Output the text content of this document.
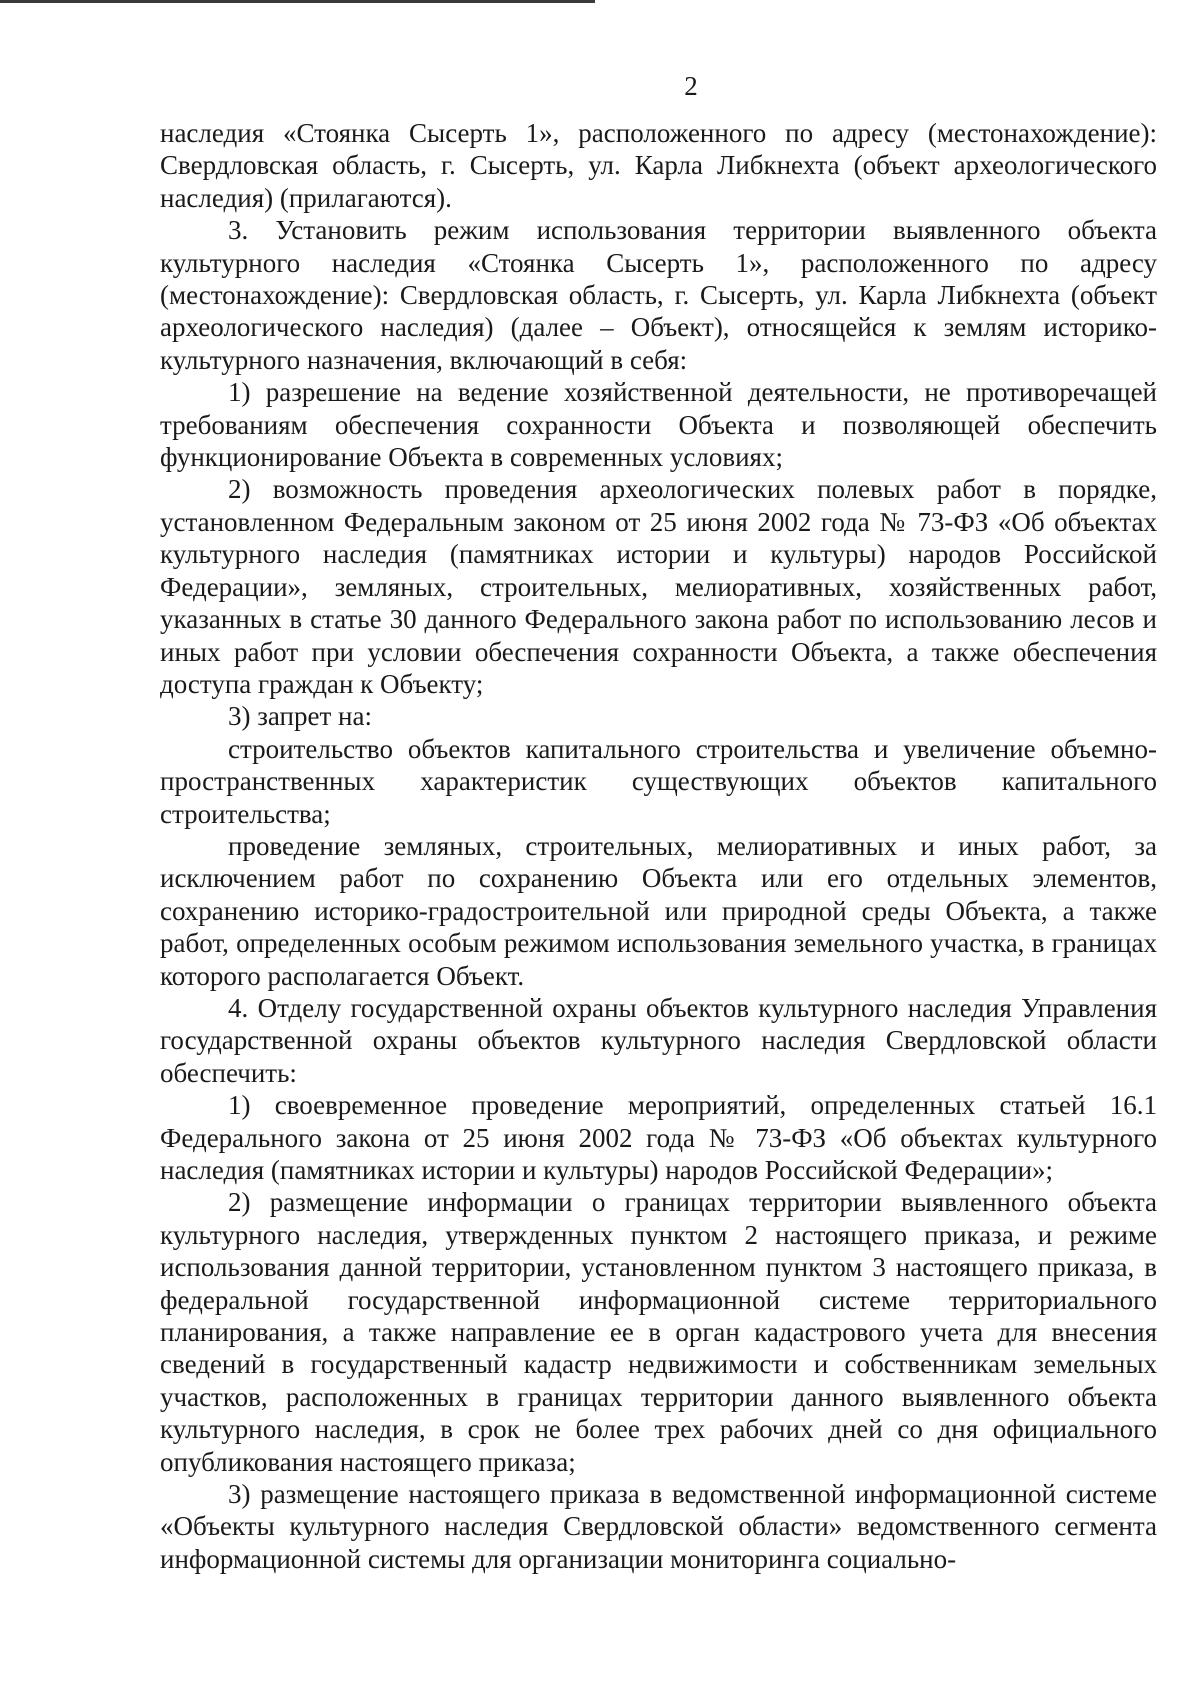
2

наследия «Стоянка Сысерть 1», расположенного по адресу (местонахождение): Свердловская область, г. Сысерть, ул. Карла Либкнехта (объект археологического наследия) (прилагаются).

3. Установить режим использования территории выявленного объекта культурного наследия «Стоянка Сысерть 1», расположенного по адресу (местонахождение): Свердловская область, г. Сысерть, ул. Карла Либкнехта (объект археологического наследия) (далее – Объект), относящейся к землям историко-культурного назначения, включающий в себя:

1) разрешение на ведение хозяйственной деятельности, не противоречащей требованиям обеспечения сохранности Объекта и позволяющей обеспечить функционирование Объекта в современных условиях;

2) возможность проведения археологических полевых работ в порядке, установленном Федеральным законом от 25 июня 2002 года № 73-ФЗ «Об объектах культурного наследия (памятниках истории и культуры) народов Российской Федерации», земляных, строительных, мелиоративных, хозяйственных работ, указанных в статье 30 данного Федерального закона работ по использованию лесов и иных работ при условии обеспечения сохранности Объекта, а также обеспечения доступа граждан к Объекту;

3) запрет на:

строительство объектов капитального строительства и увеличение объемно-пространственных характеристик существующих объектов капитального строительства;

проведение земляных, строительных, мелиоративных и иных работ, за исключением работ по сохранению Объекта или его отдельных элементов, сохранению историко-градостроительной или природной среды Объекта, а также работ, определенных особым режимом использования земельного участка, в границах которого располагается Объект.

4. Отделу государственной охраны объектов культурного наследия Управления государственной охраны объектов культурного наследия Свердловской области обеспечить:

1) своевременное проведение мероприятий, определенных статьей 16.1 Федерального закона от 25 июня 2002 года № 73-ФЗ «Об объектах культурного наследия (памятниках истории и культуры) народов Российской Федерации»;

2) размещение информации о границах территории выявленного объекта культурного наследия, утвержденных пунктом 2 настоящего приказа, и режиме использования данной территории, установленном пунктом 3 настоящего приказа, в федеральной государственной информационной системе территориального планирования, а также направление ее в орган кадастрового учета для внесения сведений в государственный кадастр недвижимости и собственникам земельных участков, расположенных в границах территории данного выявленного объекта культурного наследия, в срок не более трех рабочих дней со дня официального опубликования настоящего приказа;

3) размещение настоящего приказа в ведомственной информационной системе «Объекты культурного наследия Свердловской области» ведомственного сегмента информационной системы для организации мониторинга социально-
